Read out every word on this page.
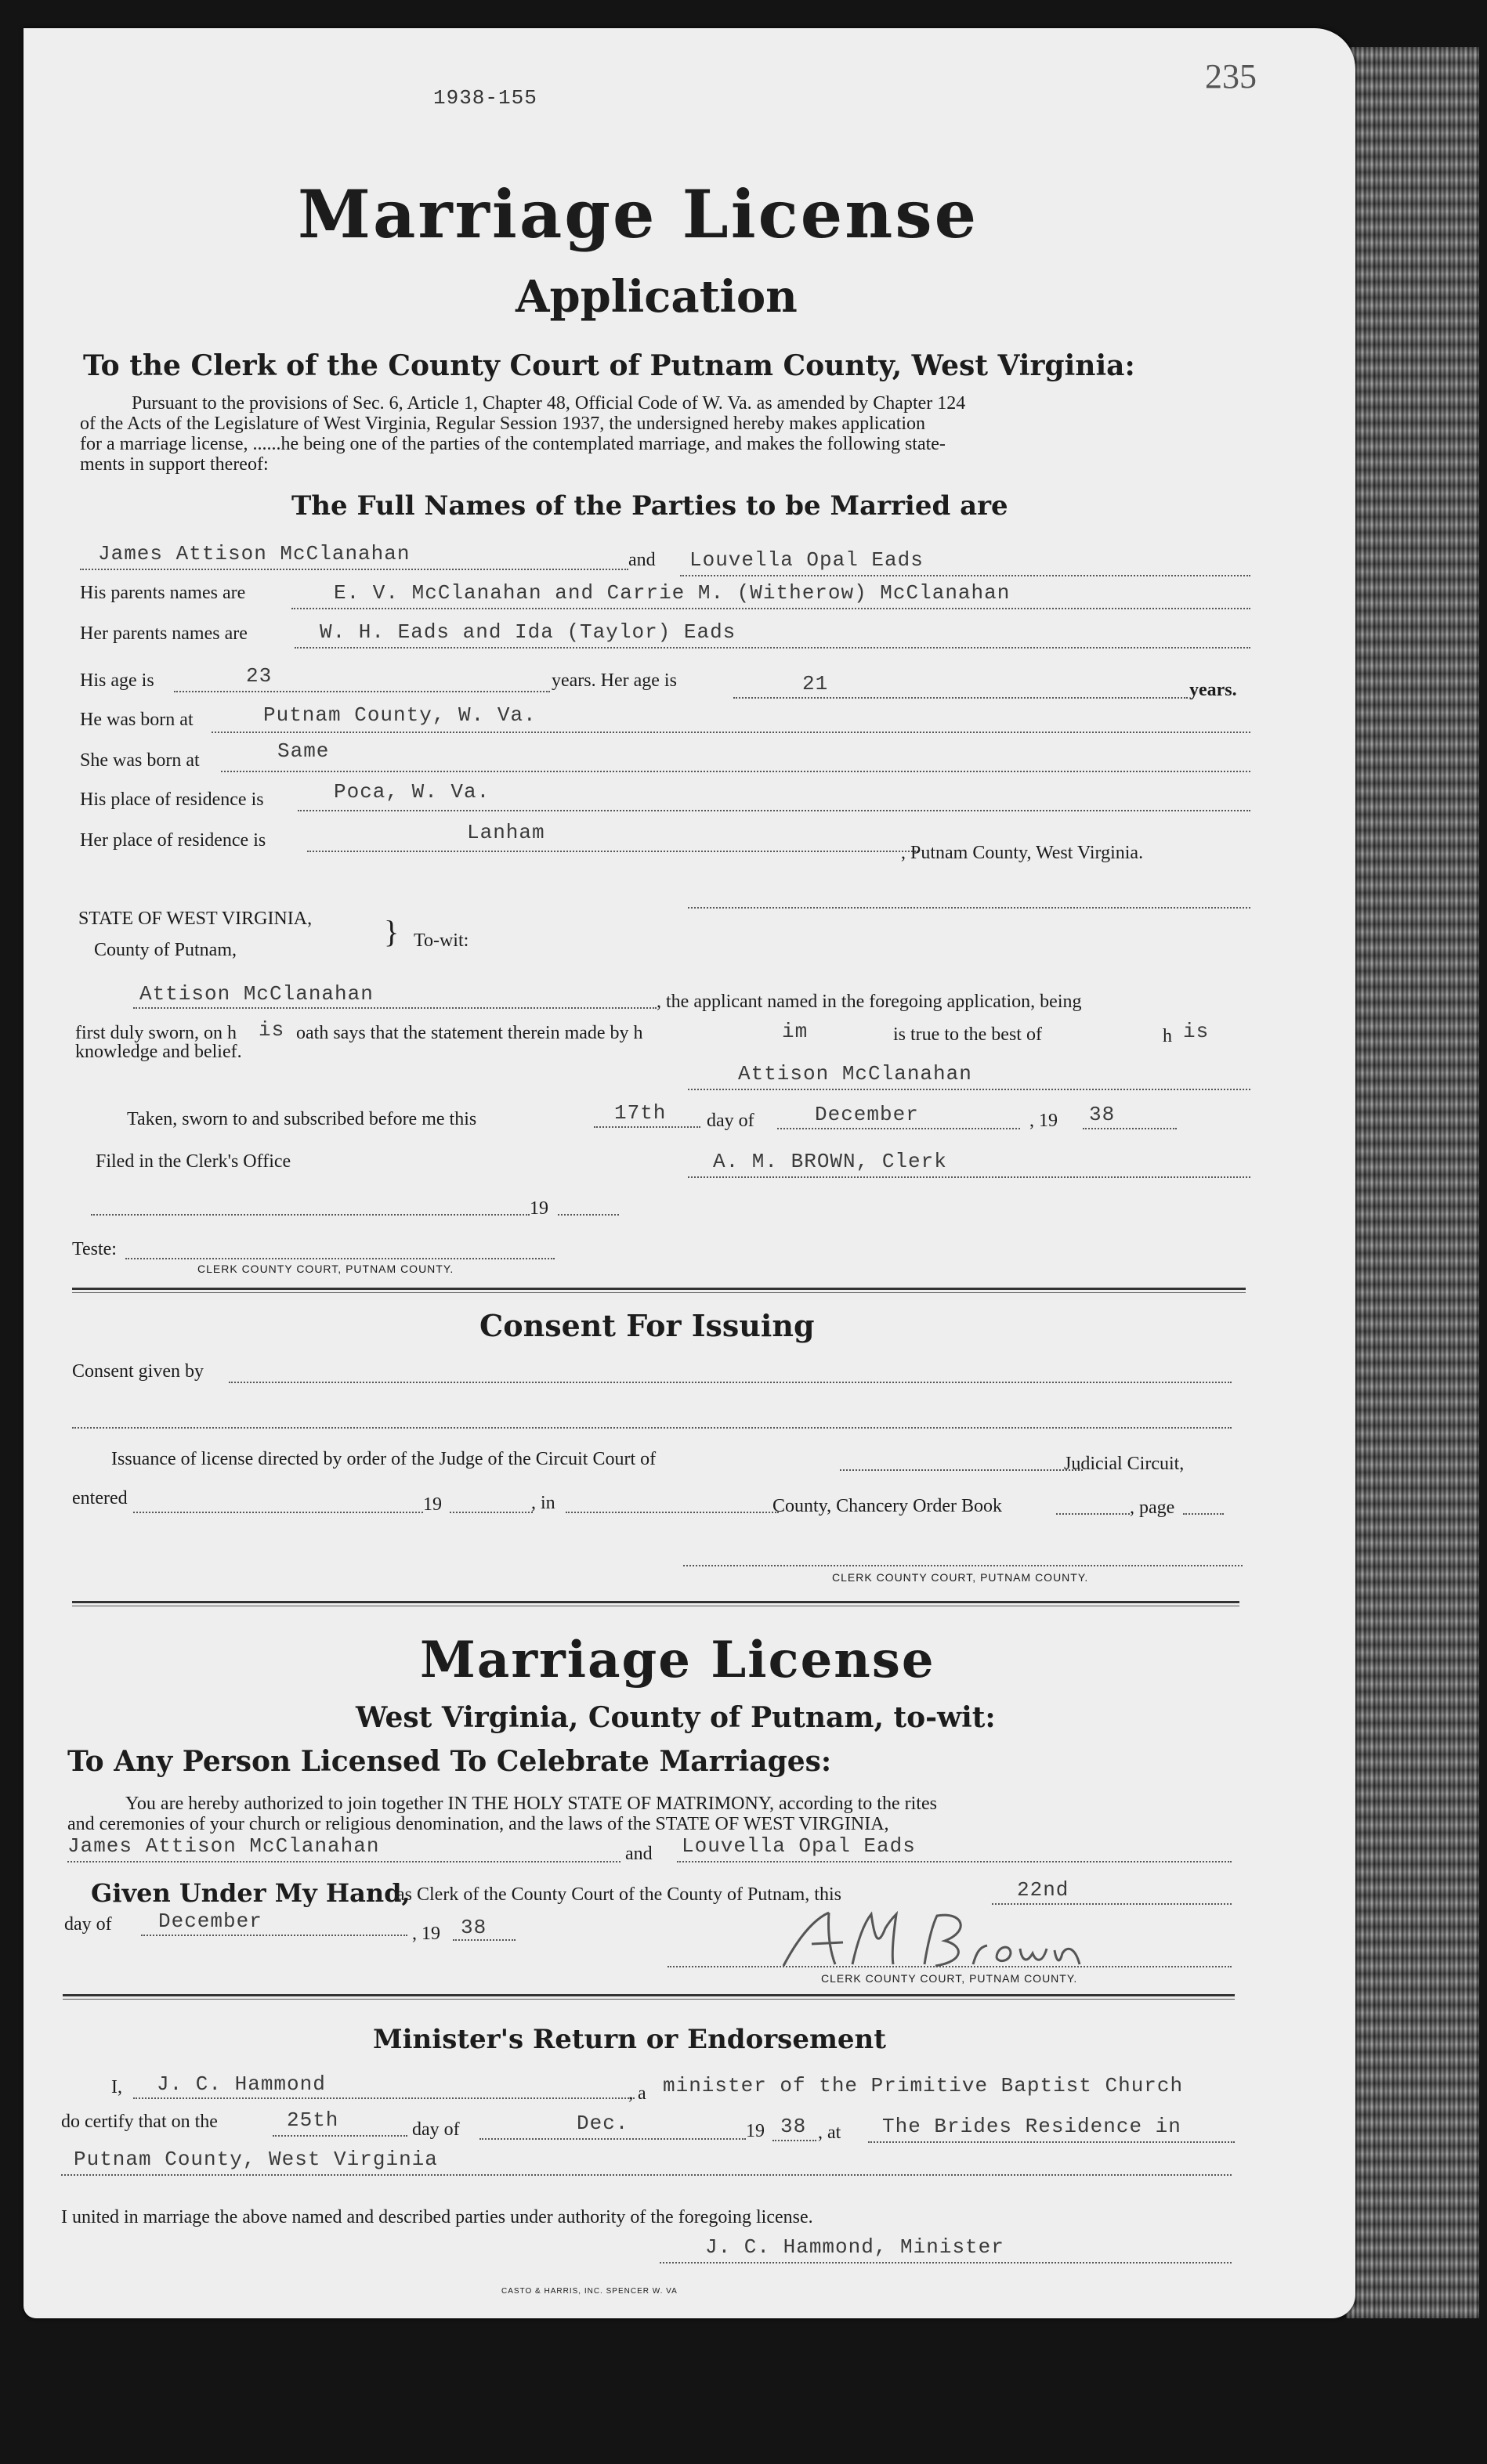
1938-155
235
Marriage License
Application
To the Clerk of the County Court of Putnam County, West Virginia:
Pursuant to the provisions of Sec. 6, Article 1, Chapter 48, Official Code of W. Va. as amended by Chapter 124
of the Acts of the Legislature of West Virginia, Regular Session 1937, the undersigned hereby makes application
for a marriage license, ......he being one of the parties of the contemplated marriage, and makes the following state-
ments in support thereof:
The Full Names of the Parties to be Married are
James Attison McClanahan	and Louvella Opal Eads
His parents names are	E. V. McClanahan and Carrie M. (Witherow) McClanahan
Her parents names are	W. H. Eads and Ida (Taylor) Eads
His age is	23	years. Her age is	21	years.
He was born at	Putnam County, W. Va.
She was born at	Same
His place of residence is	Poca, W. Va.
Her place of residence is	Lanham
, Putnam County, West Virginia.
STATE OF WEST VIRGINIA,
County of Putnam,
} To-wit:
Attison McClanahan	, the applicant named in the foregoing application, being
first duly sworn, on h is oath says that the statement therein made by h	im	is true to the best of	h is
knowledge and belief.
Attison McClanahan
Taken, sworn to and subscribed before me this	17th day of	December	, 19 38
Filed in the Clerk's Office	A. M. BROWN, Clerk
19
Teste:
CLERK COUNTY COURT, PUTNAM COUNTY.
Consent For Issuing
Consent given by
Issuance of license directed by order of the Judge of the Circuit Court of	Judicial Circuit,
entered	19	, in	County, Chancery Order Book	, page
CLERK COUNTY COURT, PUTNAM COUNTY.
Marriage License
West Virginia, County of Putnam, to-wit:
To Any Person Licensed To Celebrate Marriages:
You are hereby authorized to join together IN THE HOLY STATE OF MATRIMONY, according to the rites
and ceremonies of your church or religious denomination, and the laws of the STATE OF WEST VIRGINIA,
James Attison McClanahan	and Louvella Opal Eads
Given Under My Hand,
as Clerk of the County Court of the County of Putnam, this	22nd
day of December
, 19 38
CLERK COUNTY COURT, PUTNAM COUNTY.
Minister's Return or Endorsement
I, J. C. Hammond	, a minister of the Primitive Baptist Church
do certify that on the	25th	day of	Dec.	19 38 , at The Brides Residence in
Putnam County, West Virginia
I united in marriage the above named and described parties under authority of the foregoing license.
J. C. Hammond, Minister
CASTO & HARRIS, INC. SPENCER W. VA
